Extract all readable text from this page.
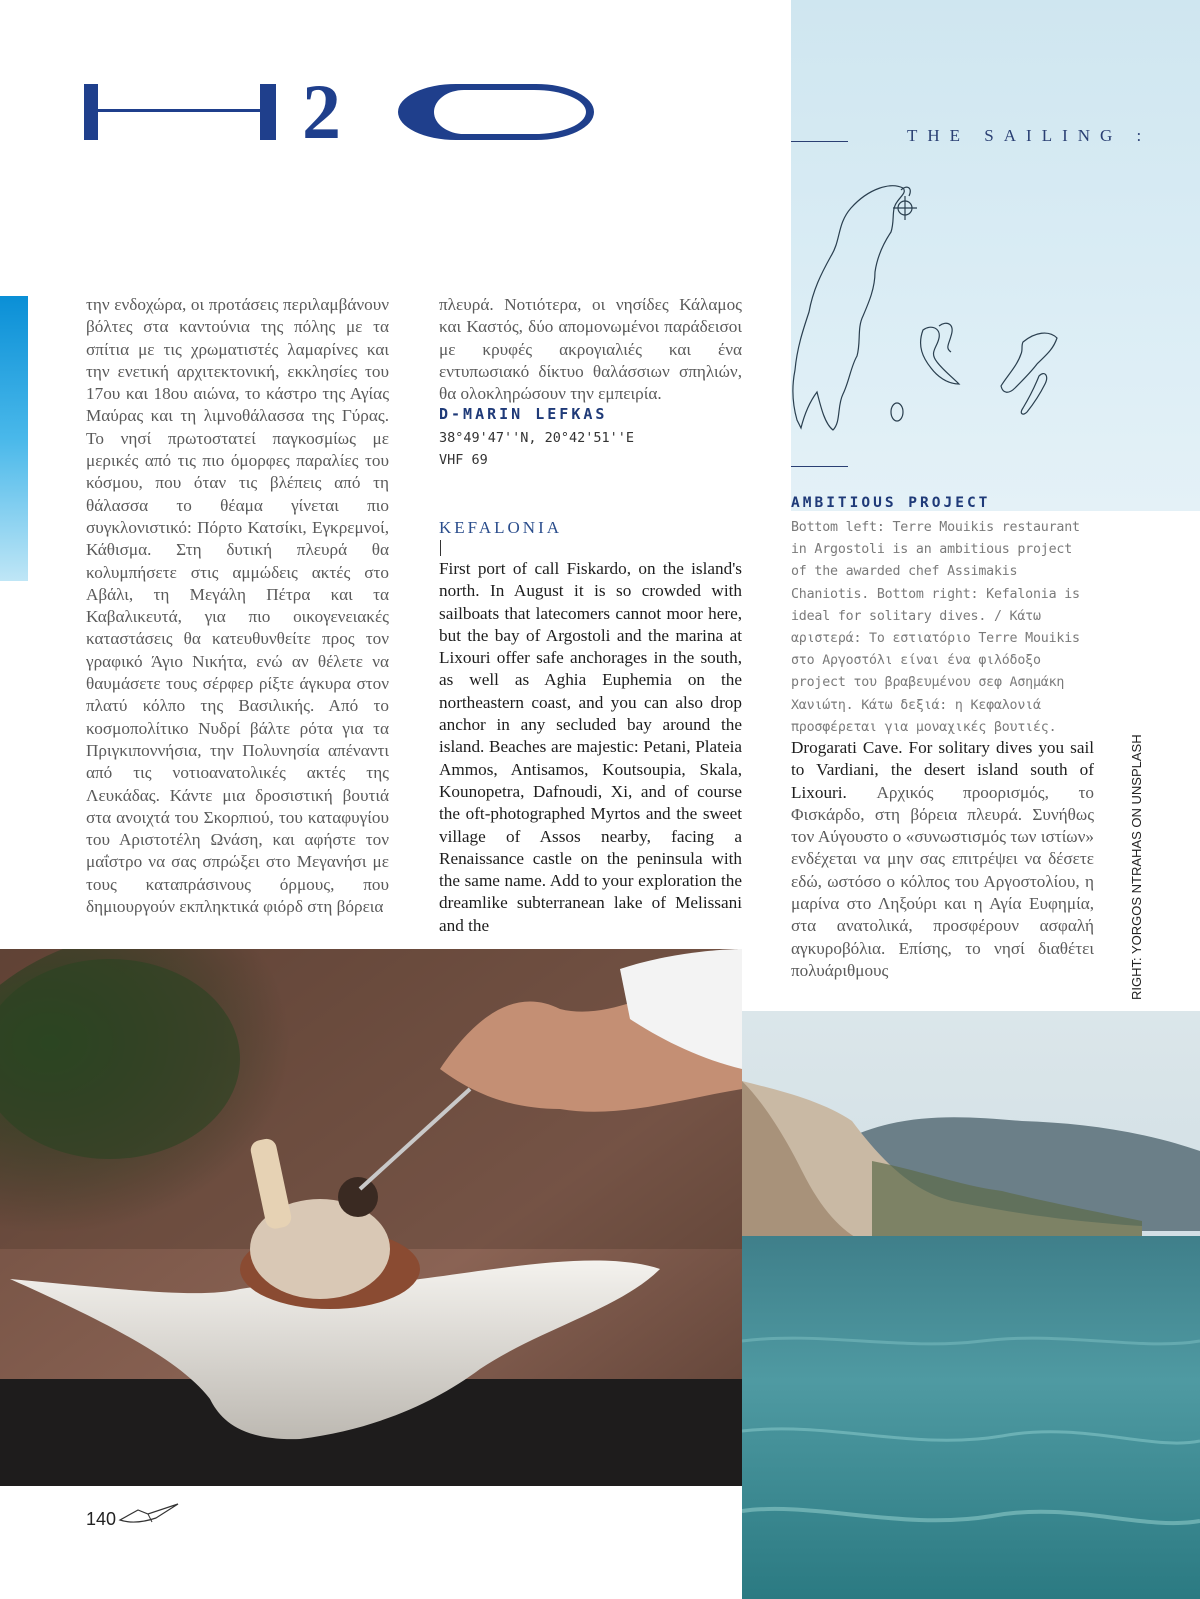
2	THE SAILING :
την ενδοχώρα, οι προτάσεις περιλαμβάνουν βόλτες στα καντούνια της πόλης με τα σπίτια με τις χρωματιστές λαμαρίνες και την ενετική αρχιτεκτονική, εκκλησίες του 17ου και 18ου αιώνα, το κάστρο της Αγίας Μαύρας και τη λιμνοθάλασσα της Γύρας. Το νησί πρωτοστατεί παγκοσμίως με μερικές από τις πιο όμορφες παραλίες του κόσμου, που όταν τις βλέπεις από τη θάλασσα το θέαμα γίνεται πιο συγκλονιστικό: Πόρτο Κατσίκι, Εγκρεμνοί, Κάθισμα. Στη δυτική πλευρά θα κολυμπήσετε στις αμμώδεις ακτές στο Αβάλι, τη Μεγάλη Πέτρα και τα Καβαλικευτά, για πιο οικογενειακές καταστάσεις θα κατευθυνθείτε προς τον γραφικό Άγιο Νικήτα, ενώ αν θέλετε να θαυμάσετε τους σέρφερ ρίξτε άγκυρα στον πλατύ κόλπο της Βασιλικής. Από το κοσμοπολίτικο Νυδρί βάλτε ρότα για τα Πριγκιποννήσια, την Πολυνησία απέναντι από τις νοτιοανατολικές ακτές της Λευκάδας. Κάντε μια δροσιστική βουτιά στα ανοιχτά του Σκορπιού, του καταφυγίου του Αριστοτέλη Ωνάση, και αφήστε τον μαΐστρο να σας σπρώξει στο Μεγανήσι με τους καταπράσινους όρμους, που δημιουργούν εκπληκτικά φιόρδ στη βόρεια
πλευρά. Νοτιότερα, οι νησίδες Κάλαμος και Καστός, δύο απομονωμένοι παράδεισοι με κρυφές ακρογιαλιές και ένα εντυπωσιακό δίκτυο θαλάσσιων σπηλιών, θα ολοκληρώσουν την εμπειρία.
D-MARIN LEFKAS
38°49'47''N, 20°42'51''E
VHF 69
KEFALONIA
First port of call Fiskardo, on the island's north. In August it is so crowded with sailboats that latecomers cannot moor here, but the bay of Argostoli and the marina at Lixouri offer safe anchorages in the south, as well as Aghia Euphemia on the northeastern coast, and you can also drop anchor in any secluded bay around the island. Beaches are majestic: Petani, Plateia Ammos, Antisamos, Koutsoupia, Skala, Kounopetra, Dafnoudi, Xi, and of course the oft-photographed Myrtos and the sweet village of Assos nearby, facing a Renaissance castle on the peninsula with the same name. Add to your exploration the dreamlike subterranean lake of Melissani and the
AMBITIOUS PROJECT
Bottom left: Terre Mouikis restaurant in Argostoli is an ambitious project of the awarded chef Assimakis Chaniotis. Bottom right: Kefalonia is ideal for solitary dives. / Κάτω αριστερά: Το εστιατόριο Terre Mouikis στο Αργοστόλι είναι ένα φιλόδοξο project του βραβευμένου σεφ Ασημάκη Χανιώτη. Κάτω δεξιά: η Κεφαλονιά προσφέρεται για μοναχικές βουτιές.
Drogarati Cave. For solitary dives you sail to Vardiani, the desert island south of Lixouri. Αρχικός προορισμός, το Φισκάρδο, στη βόρεια πλευρά. Συνήθως τον Αύγουστο ο «συνωστισμός των ιστίων» ενδέχεται να μην σας επιτρέψει να δέσετε εδώ, ωστόσο ο κόλπος του Αργοστολίου, η μαρίνα στο Ληξούρι και η Αγία Ευφημία, στα ανατολικά, προσφέρουν ασφαλή αγκυροβόλια. Επίσης, το νησί διαθέτει πολυάριθμους	RIGHT: YORGOS NTRAHAS ON UNSPLASH
140
